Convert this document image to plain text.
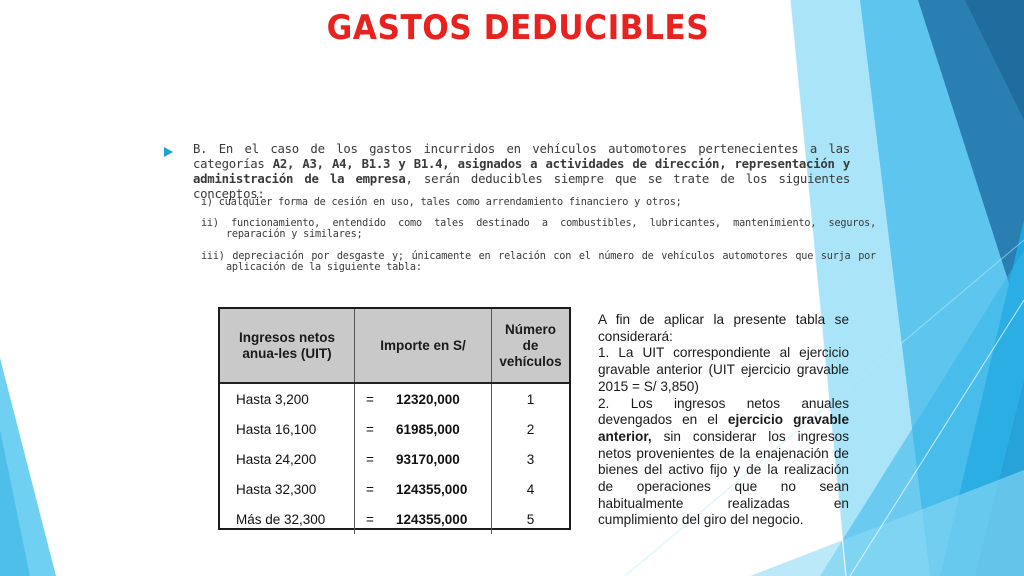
GASTOS DEDUCIBLES
B. En el caso de los gastos incurridos en vehículos automotores pertenecientes a las categorías A2, A3, A4, B1.3 y B1.4, asignados a actividades de dirección, representación y administración de la empresa, serán deducibles siempre que se trate de los siguientes conceptos:
i) cualquier forma de cesión en uso, tales como arrendamiento financiero y otros;
ii) funcionamiento, entendido como tales destinado a combustibles, lubricantes, mantenimiento, seguros, reparación y similares;
iii) depreciación por desgaste y; únicamente en relación con el número de vehículos automotores que surja por aplicación de la siguiente tabla:
Ingresos netos anua-les (UIT)	Importe en S/	Número de vehículos
Hasta 3,200	= 12320,000	1
Hasta 16,100	= 61985,000	2
Hasta 24,200	= 93170,000	3
Hasta 32,300	= 124355,000	4
Más de 32,300	= 124355,000	5

A fin de aplicar la presente tabla se considerará:

1. La UIT correspondiente al ejercicio gravable anterior (UIT ejercicio gravable 2015 = S/ 3,850)

2. Los ingresos netos anuales devengados en el ejercicio gravable anterior, sin considerar los ingresos netos provenientes de la enajenación de bienes del activo fijo y de la realización de operaciones que no sean habitualmente realizadas en cumplimiento del giro del negocio.
